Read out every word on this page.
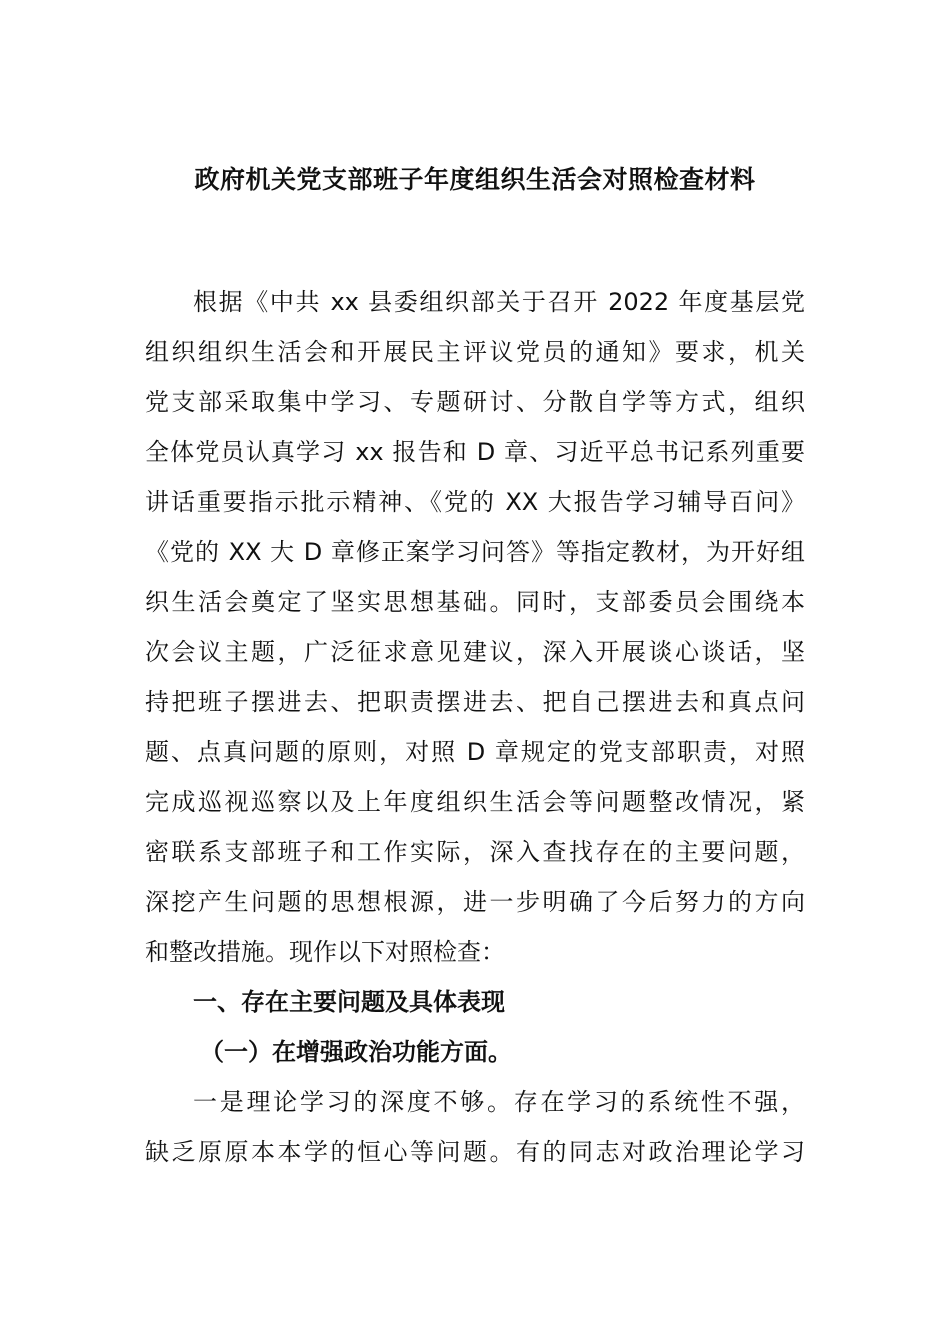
政府机关党支部班子年度组织生活会对照检查材料
根据《中共 xx 县委组织部关于召开 2022 年度基层党
组织组织生活会和开展民主评议党员的通知》要求，机关
党支部采取集中学习、专题研讨、分散自学等方式，组织
全体党员认真学习 xx 报告和 D 章、习近平总书记系列重要
讲话重要指示批示精神、《党的 XX 大报告学习辅导百问》
《党的 XX 大 D 章修正案学习问答》等指定教材，为开好组
织生活会奠定了坚实思想基础。同时，支部委员会围绕本
次会议主题，广泛征求意见建议，深入开展谈心谈话，坚
持把班子摆进去、把职责摆进去、把自己摆进去和真点问
题、点真问题的原则，对照 D 章规定的党支部职责，对照
完成巡视巡察以及上年度组织生活会等问题整改情况，紧
密联系支部班子和工作实际，深入查找存在的主要问题，
深挖产生问题的思想根源，进一步明确了今后努力的方向
和整改措施。现作以下对照检查：
一、存在主要问题及具体表现
（一）在增强政治功能方面。
一是理论学习的深度不够。存在学习的系统性不强，
缺乏原原本本学的恒心等问题。有的同志对政治理论学习
